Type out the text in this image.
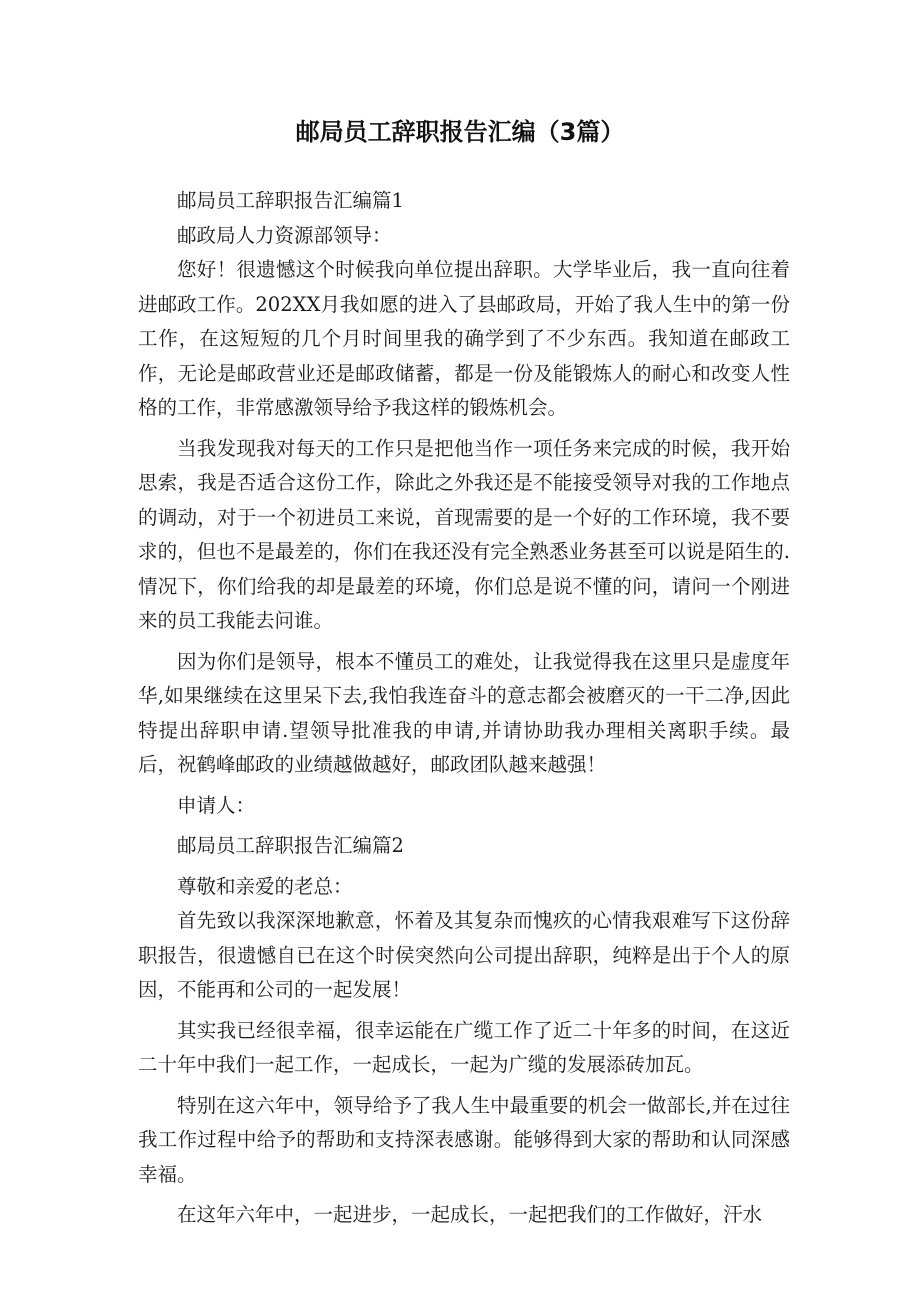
邮局员工辞职报告汇编（3篇）

邮局员工辞职报告汇编篇1

邮政局人力资源部领导：

您好！很遗憾这个时候我向单位提出辞职。大学毕业后，我一直向往着进邮政工作。202XX月我如愿的进入了县邮政局，开始了我人生中的第一份工作，在这短短的几个月时间里我的确学到了不少东西。我知道在邮政工作，无论是邮政营业还是邮政储蓄，都是一份及能锻炼人的耐心和改变人性格的工作，非常感激领导给予我这样的锻炼机会。

当我发现我对每天的工作只是把他当作一项任务来完成的时候，我开始思索，我是否适合这份工作，除此之外我还是不能接受领导对我的工作地点的调动，对于一个初进员工来说，首现需要的是一个好的工作环境，我不要求的，但也不是最差的，你们在我还没有完全熟悉业务甚至可以说是陌生的.情况下，你们给我的却是最差的环境，你们总是说不懂的问，请问一个刚进来的员工我能去问谁。

因为你们是领导，根本不懂员工的难处，让我觉得我在这里只是虚度年华,如果继续在这里呆下去,我怕我连奋斗的意志都会被磨灭的一干二净,因此特提出辞职申请.望领导批准我的申请,并请协助我办理相关离职手续。最后，祝鹤峰邮政的业绩越做越好，邮政团队越来越强！

申请人：

邮局员工辞职报告汇编篇2

尊敬和亲爱的老总：

首先致以我深深地歉意，怀着及其复杂而愧疚的心情我艰难写下这份辞职报告，很遗憾自已在这个时侯突然向公司提出辞职，纯粹是出于个人的原因，不能再和公司的一起发展！

其实我已经很幸福，很幸运能在广缆工作了近二十年多的时间，在这近二十年中我们一起工作，一起成长，一起为广缆的发展添砖加瓦。

特别在这六年中，领导给予了我人生中最重要的机会一做部长,并在过往我工作过程中给予的帮助和支持深表感谢。能够得到大家的帮助和认同深感幸福。

在这年六年中，一起进步，一起成长，一起把我们的工作做好，汗水
